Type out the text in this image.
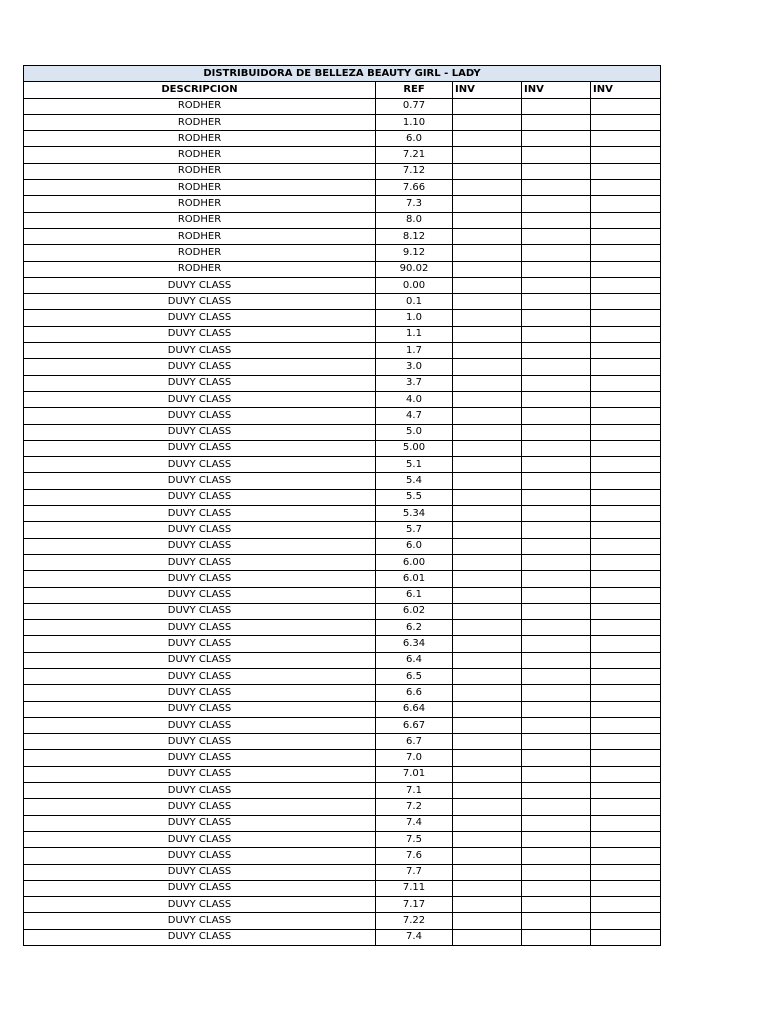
DISTRIBUIDORA DE BELLEZA BEAUTY GIRL - LADY				
DESCRIPCION	REF	INV	INV	INV
RODHER	0.77			
RODHER	1.10			
RODHER	6.0			
RODHER	7.21			
RODHER	7.12			
RODHER	7.66			
RODHER	7.3			
RODHER	8.0			
RODHER	8.12			
RODHER	9.12			
RODHER	90.02			
DUVY CLASS	0.00			
DUVY CLASS	0.1			
DUVY CLASS	1.0			
DUVY CLASS	1.1			
DUVY CLASS	1.7			
DUVY CLASS	3.0			
DUVY CLASS	3.7			
DUVY CLASS	4.0			
DUVY CLASS	4.7			
DUVY CLASS	5.0			
DUVY CLASS	5.00			
DUVY CLASS	5.1			
DUVY CLASS	5.4			
DUVY CLASS	5.5			
DUVY CLASS	5.34			
DUVY CLASS	5.7			
DUVY CLASS	6.0			
DUVY CLASS	6.00			
DUVY CLASS	6.01			
DUVY CLASS	6.1			
DUVY CLASS	6.02			
DUVY CLASS	6.2			
DUVY CLASS	6.34			
DUVY CLASS	6.4			
DUVY CLASS	6.5			
DUVY CLASS	6.6			
DUVY CLASS	6.64			
DUVY CLASS	6.67			
DUVY CLASS	6.7			
DUVY CLASS	7.0			
DUVY CLASS	7.01			
DUVY CLASS	7.1			
DUVY CLASS	7.2			
DUVY CLASS	7.4			
DUVY CLASS	7.5			
DUVY CLASS	7.6			
DUVY CLASS	7.7			
DUVY CLASS	7.11			
DUVY CLASS	7.17			
DUVY CLASS	7.22			
DUVY CLASS	7.4			
